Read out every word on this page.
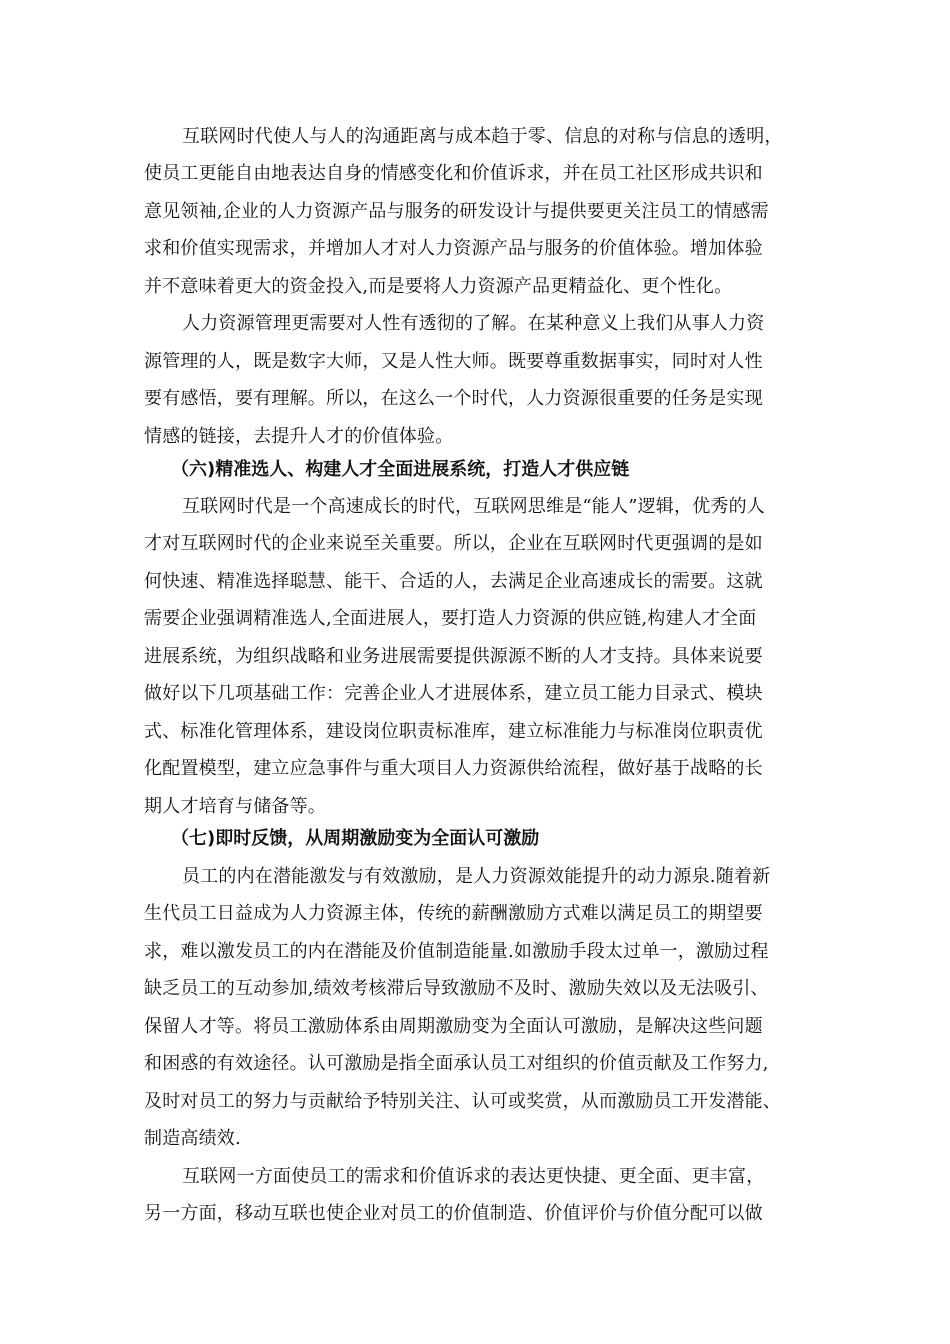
互联网时代使人与人的沟通距离与成本趋于零、信息的对称与信息的透明，
使员工更能自由地表达自身的情感变化和价值诉求，并在员工社区形成共识和
意见领袖,企业的人力资源产品与服务的研发设计与提供要更关注员工的情感需
求和价值实现需求，并增加人才对人力资源产品与服务的价值体验。增加体验
并不意味着更大的资金投入,而是要将人力资源产品更精益化、更个性化。
人力资源管理更需要对人性有透彻的了解。在某种意义上我们从事人力资
源管理的人，既是数字大师，又是人性大师。既要尊重数据事实，同时对人性
要有感悟，要有理解。所以，在这么一个时代，人力资源很重要的任务是实现
情感的链接，去提升人才的价值体验。
（六)精准选人、构建人才全面进展系统，打造人才供应链
互联网时代是一个高速成长的时代，互联网思维是“能人”逻辑，优秀的人
才对互联网时代的企业来说至关重要。所以，企业在互联网时代更强调的是如
何快速、精准选择聪慧、能干、合适的人，去满足企业高速成长的需要。这就
需要企业强调精准选人,全面进展人，要打造人力资源的供应链,构建人才全面
进展系统，为组织战略和业务进展需要提供源源不断的人才支持。具体来说要
做好以下几项基础工作：完善企业人才进展体系，建立员工能力目录式、模块
式、标准化管理体系，建设岗位职责标准库，建立标准能力与标准岗位职责优
化配置模型，建立应急事件与重大项目人力资源供给流程，做好基于战略的长
期人才培育与储备等。
（七)即时反馈，从周期激励变为全面认可激励
员工的内在潜能激发与有效激励，是人力资源效能提升的动力源泉.随着新
生代员工日益成为人力资源主体，传统的薪酬激励方式难以满足员工的期望要
求，难以激发员工的内在潜能及价值制造能量.如激励手段太过单一，激励过程
缺乏员工的互动参加,绩效考核滞后导致激励不及时、激励失效以及无法吸引、
保留人才等。将员工激励体系由周期激励变为全面认可激励，是解决这些问题
和困惑的有效途径。认可激励是指全面承认员工对组织的价值贡献及工作努力,
及时对员工的努力与贡献给予特别关注、认可或奖赏，从而激励员工开发潜能、
制造高绩效.
互联网一方面使员工的需求和价值诉求的表达更快捷、更全面、更丰富，
另一方面，移动互联也使企业对员工的价值制造、价值评价与价值分配可以做
